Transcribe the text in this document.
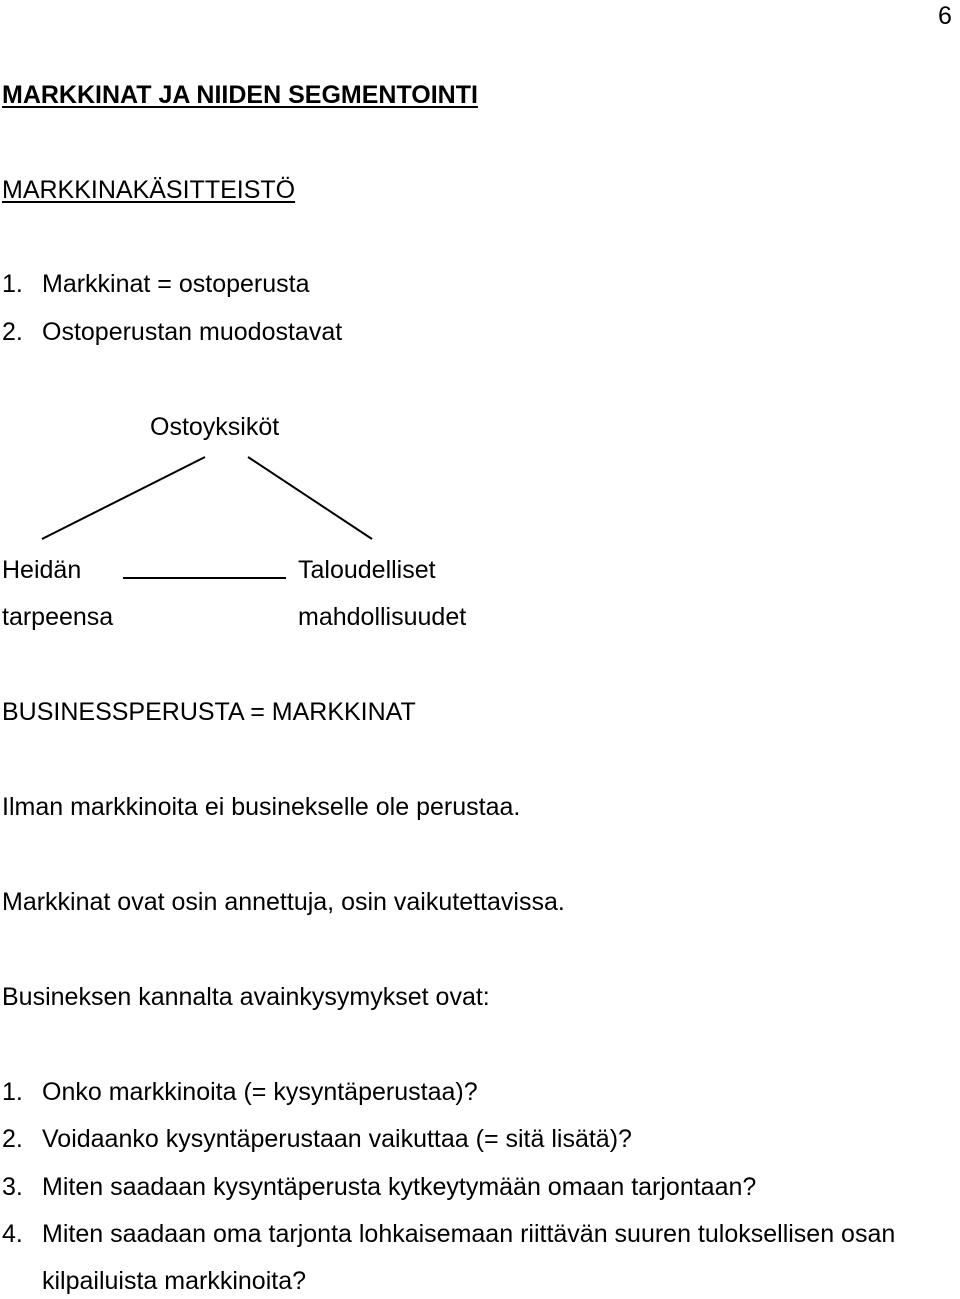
6
MARKKINAT JA NIIDEN SEGMENTOINTI
MARKKINAKÄSITTEISTÖ
1. Markkinat = ostoperusta
2. Ostoperustan muodostavat
Ostoyksiköt
Heidän
tarpeensa
Taloudelliset
mahdollisuudet
BUSINESSPERUSTA = MARKKINAT
Ilman markkinoita ei businekselle ole perustaa.
Markkinat ovat osin annettuja, osin vaikutettavissa.
Busineksen kannalta avainkysymykset ovat:
1. Onko markkinoita (= kysyntäperustaa)?
2. Voidaanko kysyntäperustaan vaikuttaa (= sitä lisätä)?
3. Miten saadaan kysyntäperusta kytkeytymään omaan tarjontaan?
4. Miten saadaan oma tarjonta lohkaisemaan riittävän suuren tuloksellisen osan
kilpailuista markkinoita?
